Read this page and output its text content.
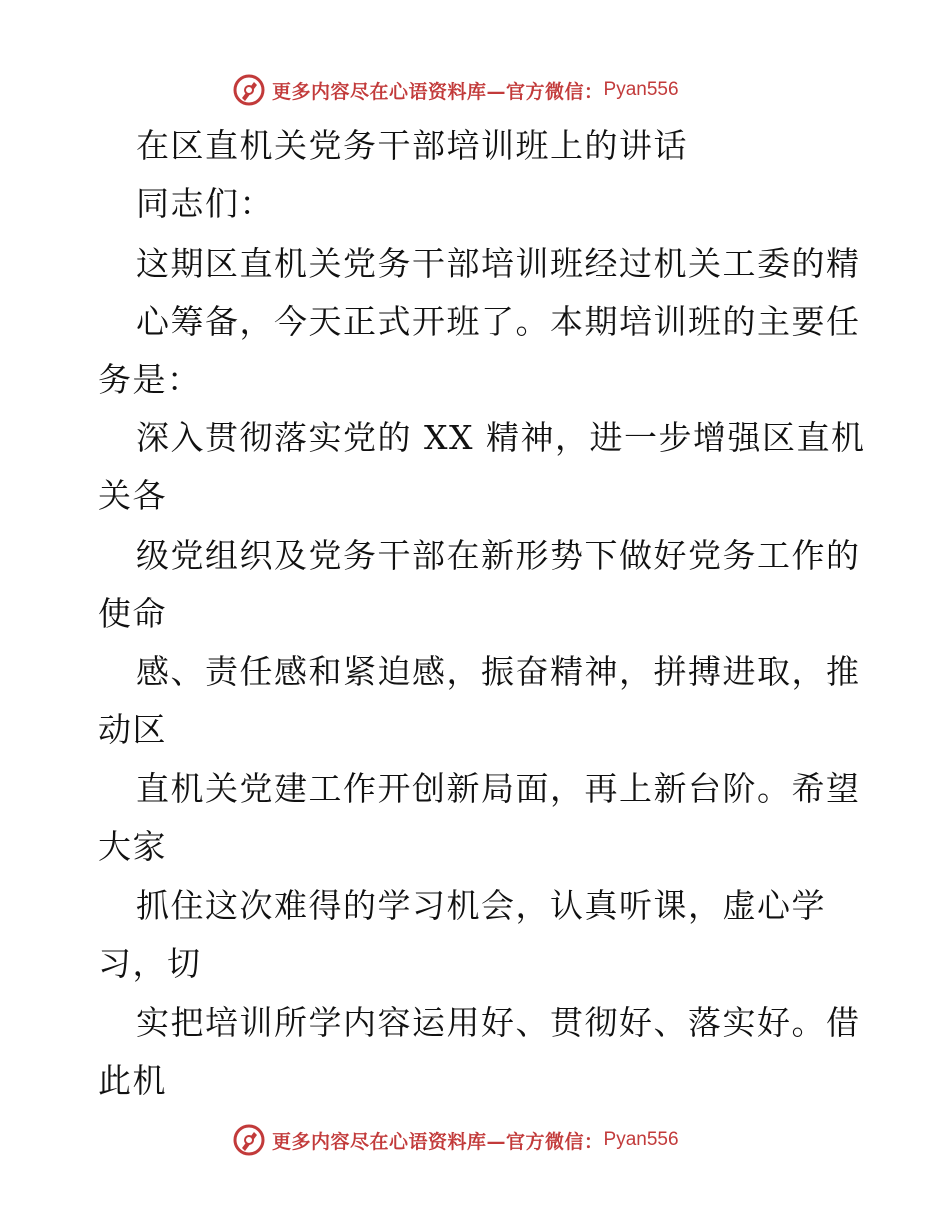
更多内容尽在心语资料库—官方微信： Pyan556
在区直机关党务干部培训班上的讲话
同志们：
这期区直机关党务干部培训班经过机关工委的精
心筹备，今天正式开班了。本期培训班的主要任
务是：
深入贯彻落实党的 XX 精神，进一步增强区直机
关各
级党组织及党务干部在新形势下做好党务工作的
使命
感、责任感和紧迫感，振奋精神，拼搏进取，推
动区
直机关党建工作开创新局面，再上新台阶。希望
大家
抓住这次难得的学习机会，认真听课，虚心学
习，切
实把培训所学内容运用好、贯彻好、落实好。借
此机
更多内容尽在心语资料库—官方微信： Pyan556
